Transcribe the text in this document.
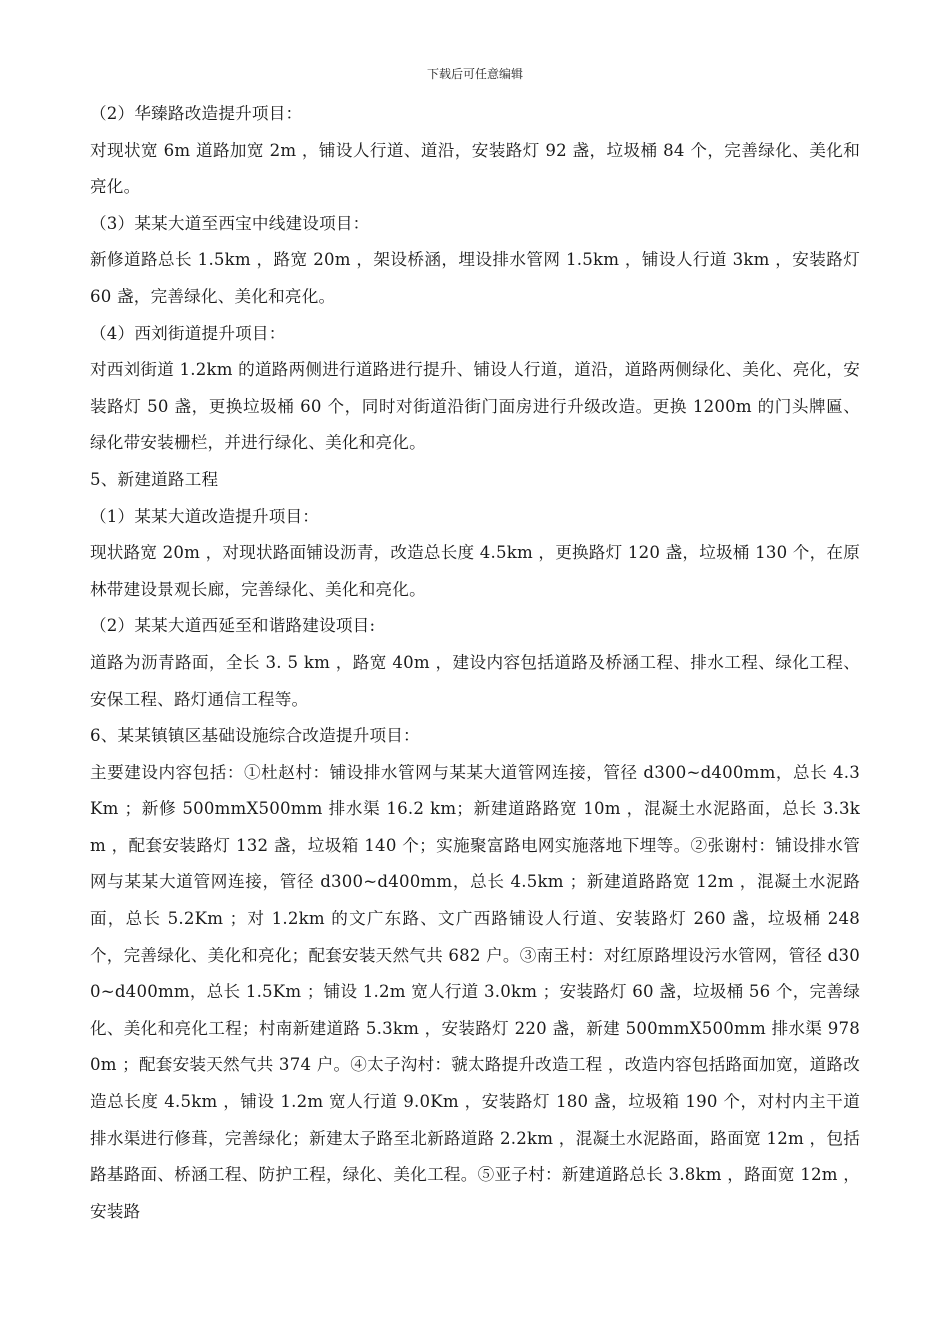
下载后可任意编辑

（2）华臻路改造提升项目：

对现状宽 6m 道路加宽 2m ，铺设人行道、道沿，安装路灯 92 盏，垃圾桶 84 个，完善绿化、美化和亮化。

（3）某某大道至西宝中线建设项目：

新修道路总长 1.5km ，路宽 20m ，架设桥涵，埋设排水管网 1.5km ，铺设人行道 3km ，安装路灯 60 盏，完善绿化、美化和亮化。

（4）西刘街道提升项目：

对西刘街道 1.2km 的道路两侧进行道路进行提升、铺设人行道，道沿，道路两侧绿化、美化、亮化，安装路灯 50 盏，更换垃圾桶 60 个，同时对街道沿街门面房进行升级改造。更换 1200m 的门头牌匾、绿化带安装栅栏，并进行绿化、美化和亮化。

5、新建道路工程

（1）某某大道改造提升项目：

现状路宽 20m ，对现状路面铺设沥青，改造总长度 4.5km ，更换路灯 120 盏，垃圾桶 130 个，在原林带建设景观长廊，完善绿化、美化和亮化。

（2）某某大道西延至和谐路建设项目:

道路为沥青路面，全长 3. 5 km ，路宽 40m ，建设内容包括道路及桥涵工程、排水工程、绿化工程、安保工程、路灯通信工程等。

6、某某镇镇区基础设施综合改造提升项目：

主要建设内容包括：①杜赵村：铺设排水管网与某某大道管网连接，管径 d300~d400mm，总长 4.3Km ；新修 500mmX500mm 排水渠 16.2 km；新建道路路宽 10m ，混凝土水泥路面，总长 3.3km ，配套安装路灯 132 盏，垃圾箱 140 个；实施聚富路电网实施落地下埋等。②张谢村：铺设排水管网与某某大道管网连接，管径 d300~d400mm，总长 4.5km ；新建道路路宽 12m ，混凝土水泥路面，总长 5.2Km ；对 1.2km 的文广东路、文广西路铺设人行道、安装路灯 260 盏，垃圾桶 248 个，完善绿化、美化和亮化；配套安装天然气共 682 户。③南王村：对红原路埋设污水管网，管径 d300~d400mm，总长 1.5Km ；铺设 1.2m 宽人行道 3.0km ；安装路灯 60 盏，垃圾桶 56 个，完善绿化、美化和亮化工程；村南新建道路 5.3km ，安装路灯 220 盏，新建 500mmX500mm 排水渠 9780m ；配套安装天然气共 374 户。④太子沟村：虢太路提升改造工程 ，改造内容包括路面加宽，道路改造总长度 4.5km ，铺设 1.2m 宽人行道 9.0Km ，安装路灯 180 盏，垃圾箱 190 个，对村内主干道排水渠进行修葺，完善绿化；新建太子路至北新路道路 2.2km ，混凝土水泥路面，路面宽 12m ，包括路基路面、桥涵工程、防护工程，绿化、美化工程。⑤亚子村：新建道路总长 3.8km ，路面宽 12m ，安装路
